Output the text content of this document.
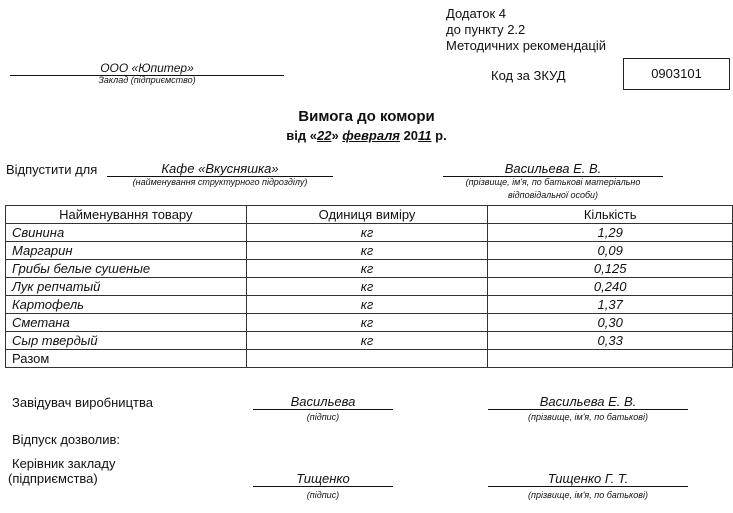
Додаток 4
до пункту 2.2
Методичних рекомендацій
ООО «Юпитер»
Заклад (підприємство)	Код за ЗКУД	0903101
Вимога до комори
від «22» февраля 2011 р.
Відпустити для	Кафе «Вкусняшка»
(найменування структурного підрозділу)
Васильева Е. В.
(прізвище, ім'я, по батькові матеріально
відповідальної особи)
Найменування товару	Одиниця виміру	Кількість
Свинина	кг	1,29
Маргарин	кг	0,09
Грибы белые сушеные	кг	0,125
Лук репчатый	кг	0,240
Картофель	кг	1,37
Сметана	кг	0,30
Сыр твердый	кг	0,33
Разом		
Завідувач виробництва	Васильева
(підпис)
Васильева Е. В.
(прізвище, ім'я, по батькові)
Відпуск дозволив:
Керівник закладу
(підприємства)	Тищенко
(підпис)
Тищенко Г. Т.
(прізвище, ім'я, по батькові)
